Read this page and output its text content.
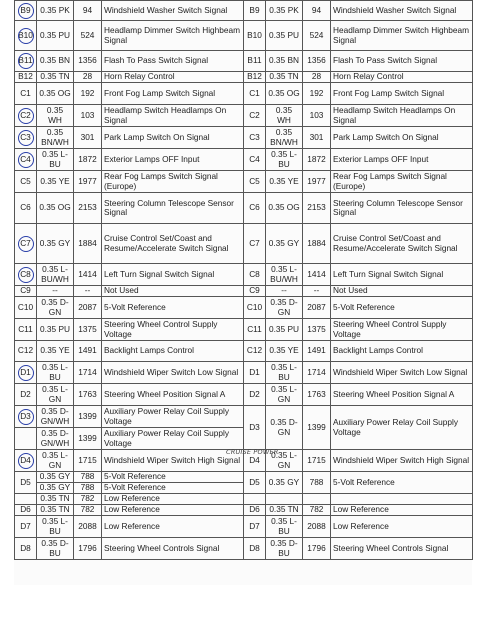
B9	0.35 PK	94	Windshield Washer Switch Signal	B9	0.35 PK	94	Windshield Washer Switch Signal
B10	0.35 PU	524	Headlamp Dimmer Switch Highbeam Signal	B10	0.35 PU	524	Headlamp Dimmer Switch Highbeam Signal
B11	0.35 BN	1356	Flash To Pass Switch Signal	B11	0.35 BN	1356	Flash To Pass Switch Signal
B12	0.35 TN	28	Horn Relay Control	B12	0.35 TN	28	Horn Relay Control
C1	0.35 OG	192	Front Fog Lamp Switch Signal	C1	0.35 OG	192	Front Fog Lamp Switch Signal
C2	0.35 WH	103	Headlamp Switch Headlamps On Signal	C2	0.35 WH	103	Headlamp Switch Headlamps On Signal
C3	0.35 BN/WH	301	Park Lamp Switch On Signal	C3	0.35 BN/WH	301	Park Lamp Switch On Signal
C4	0.35 L-BU	1872	Exterior Lamps OFF Input	C4	0.35 L-BU	1872	Exterior Lamps OFF Input
C5	0.35 YE	1977	Rear Fog Lamps Switch Signal (Europe)	C5	0.35 YE	1977	Rear Fog Lamps Switch Signal (Europe)
C6	0.35 OG	2153	Steering Column Telescope Sensor Signal	C6	0.35 OG	2153	Steering Column Telescope Sensor Signal
C7	0.35 GY	1884	Cruise Control Set/Coast and Resume/Accelerate Switch Signal	C7	0.35 GY	1884	Cruise Control Set/Coast and Resume/Accelerate Switch Signal
C8	0.35 L-BU/WH	1414	Left Turn Signal Switch Signal	C8	0.35 L-BU/WH	1414	Left Turn Signal Switch Signal
C9	--	--	Not Used	C9	--	--	Not Used
C10	0.35 D-GN	2087	5-Volt Reference	C10	0.35 D-GN	2087	5-Volt Reference
C11	0.35 PU	1375	Steering Wheel Control Supply Voltage	C11	0.35 PU	1375	Steering Wheel Control Supply Voltage
C12	0.35 YE	1491	Backlight Lamps Control	C12	0.35 YE	1491	Backlight Lamps Control
D1	0.35 L-BU	1714	Windshield Wiper Switch Low Signal	D1	0.35 L-BU	1714	Windshield Wiper Switch Low Signal
D2	0.35 L-GN	1763	Steering Wheel Position Signal A	D2	0.35 L-GN	1763	Steering Wheel Position Signal A
D3	0.35 D-GN/WH	1399	Auxiliary Power Relay Coil Supply Voltage	D3	0.35 D-GN	1399	Auxiliary Power Relay Coil Supply Voltage
	0.35 D-GN/WH	1399	Auxiliary Power Relay Coil Supply Voltage				
D4	0.35 L-GN	1715	Windshield Wiper Switch High Signal	D4	0.35 L-GN	1715	Windshield Wiper Switch High Signal
D5	0.35 GY	788	5-Volt Reference	D5	0.35 GY	788	5-Volt Reference
	0.35 GY	788	5-Volt Reference				
	0.35 TN	782	Low Reference				
D6	0.35 TN	782	Low Reference	D6	0.35 TN	782	Low Reference
D7	0.35 L-BU	2088	Low Reference	D7	0.35 L-BU	2088	Low Reference
D8	0.35 D-BU	1796	Steering Wheel Controls Signal	D8	0.35 D-BU	1796	Steering Wheel Controls Signal
CRUISE POWER
